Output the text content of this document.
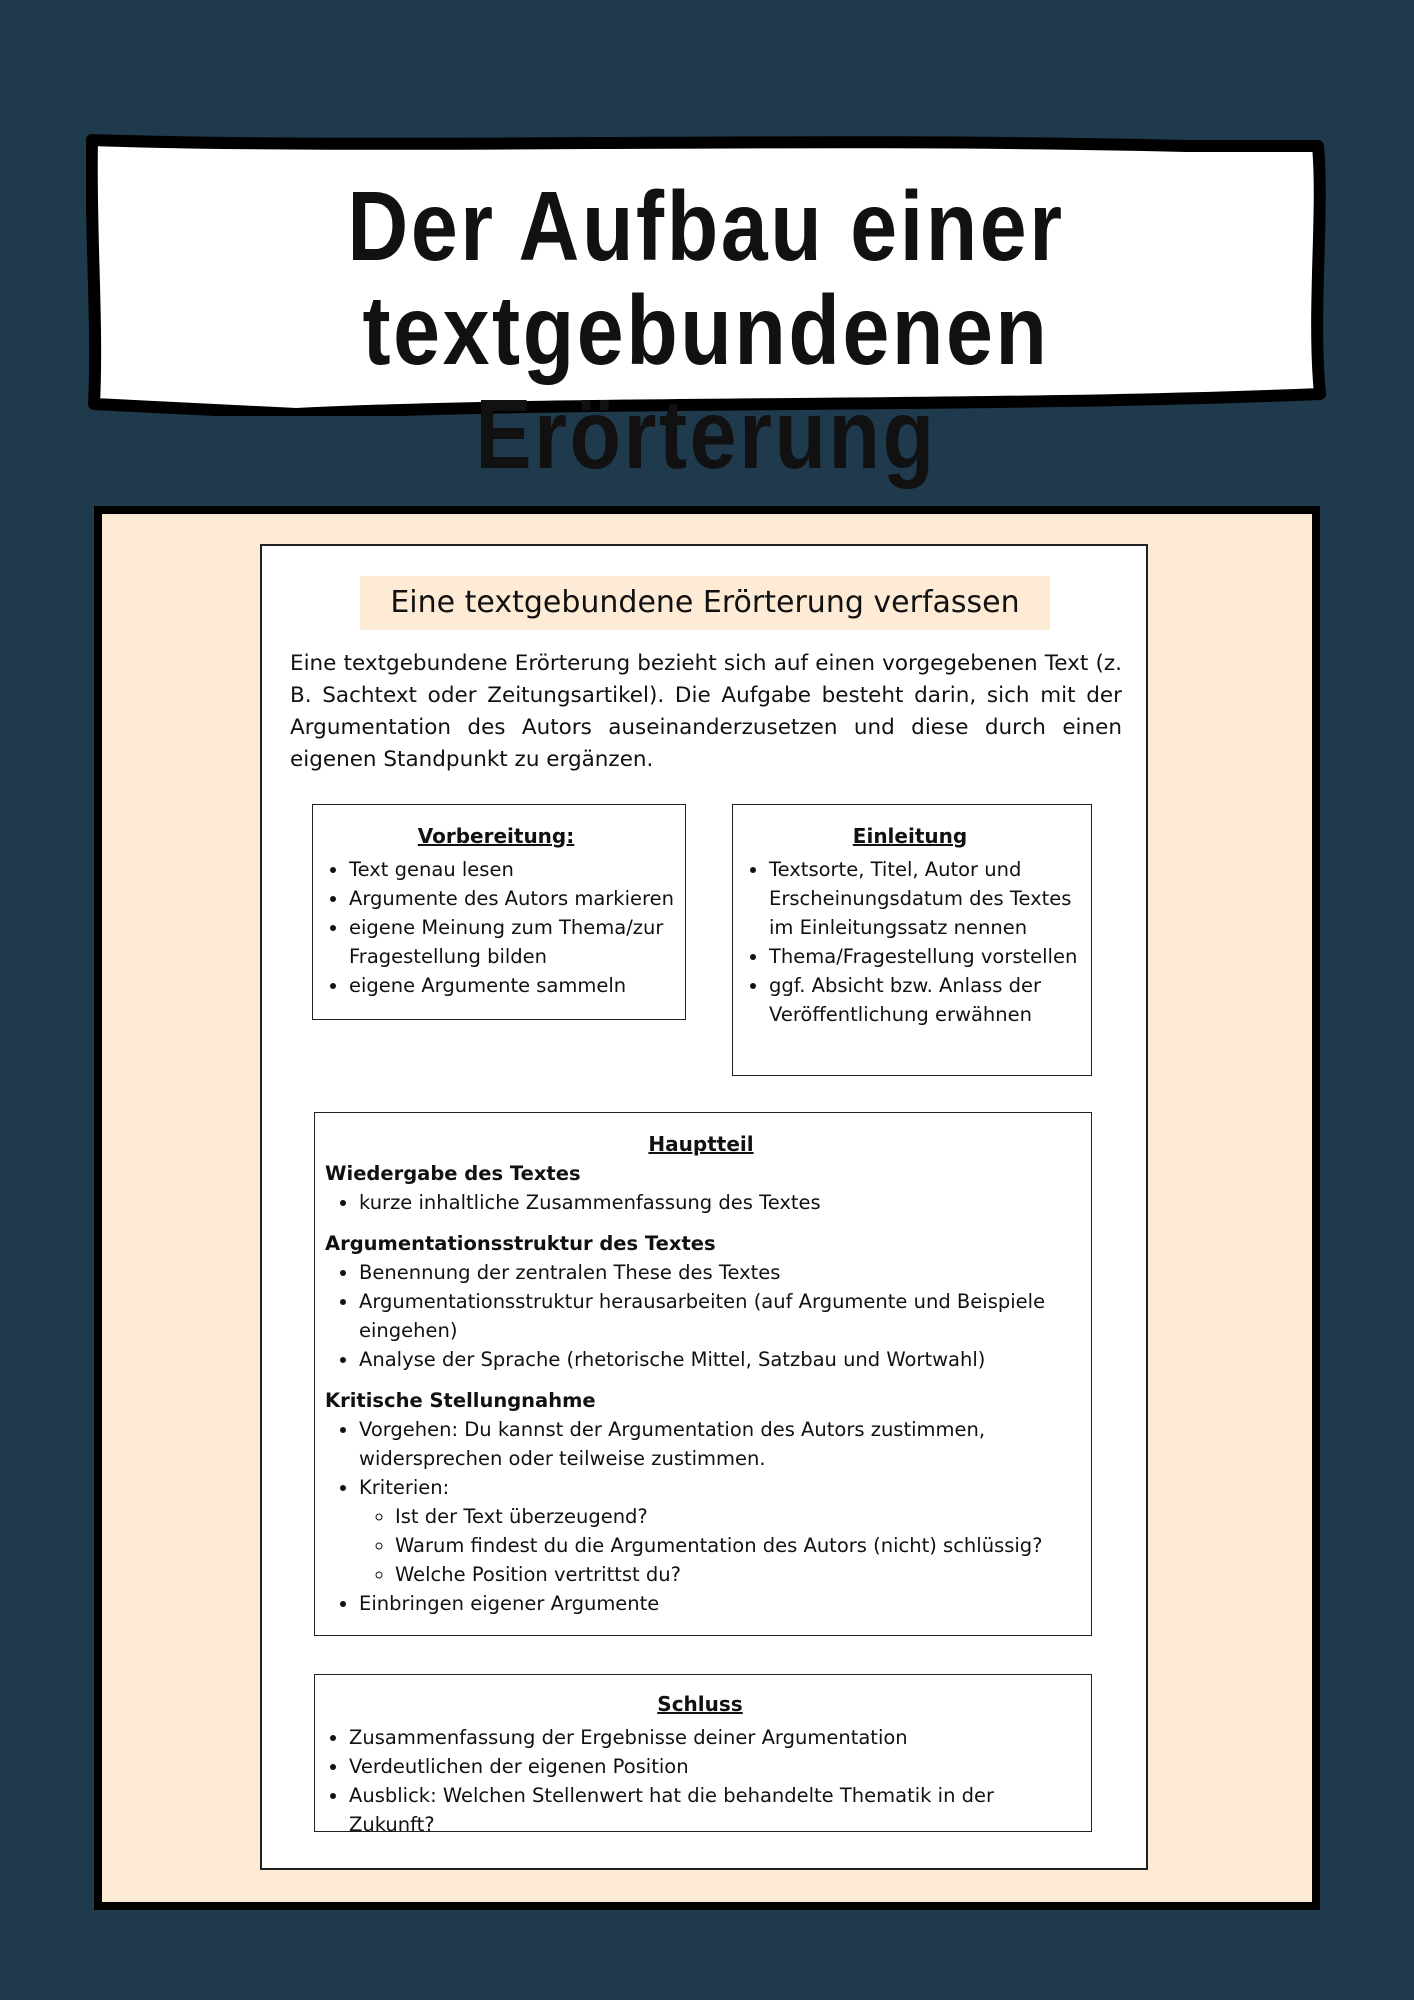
Der Aufbau einer
textgebundenen Erörterung
Eine textgebundene Erörterung verfassen
Eine textgebundene Erörterung bezieht sich auf einen vorgegebenen Text (z. B. Sachtext oder Zeitungsartikel). Die Aufgabe besteht darin, sich mit der Argumentation des Autors auseinanderzusetzen und diese durch einen eigenen Standpunkt zu ergänzen.
Vorbereitung:
• Text genau lesen
• Argumente des Autors markieren
• eigene Meinung zum Thema/zur Fragestellung bilden
• eigene Argumente sammeln
Einleitung
• Textsorte, Titel, Autor und Erscheinungsdatum des Textes im Einleitungssatz nennen
• Thema/Fragestellung vorstellen
• ggf. Absicht bzw. Anlass der Veröffentlichung erwähnen
Hauptteil

Wiedergabe des Textes

• kurze inhaltliche Zusammenfassung des Textes

Argumentationsstruktur des Textes

• Benennung der zentralen These des Textes
• Argumentationsstruktur herausarbeiten (auf Argumente und Beispiele eingehen)
• Analyse der Sprache (rhetorische Mittel, Satzbau und Wortwahl)

Kritische Stellungnahme

• Vorgehen: Du kannst der Argumentation des Autors zustimmen, widersprechen oder teilweise zustimmen.
• Kriterien:
◦ Ist der Text überzeugend?
◦ Warum findest du die Argumentation des Autors (nicht) schlüssig?
◦ Welche Position vertrittst du?
• Einbringen eigener Argumente
Schluss
• Zusammenfassung der Ergebnisse deiner Argumentation
• Verdeutlichen der eigenen Position
• Ausblick: Welchen Stellenwert hat die behandelte Thematik in der Zukunft?
